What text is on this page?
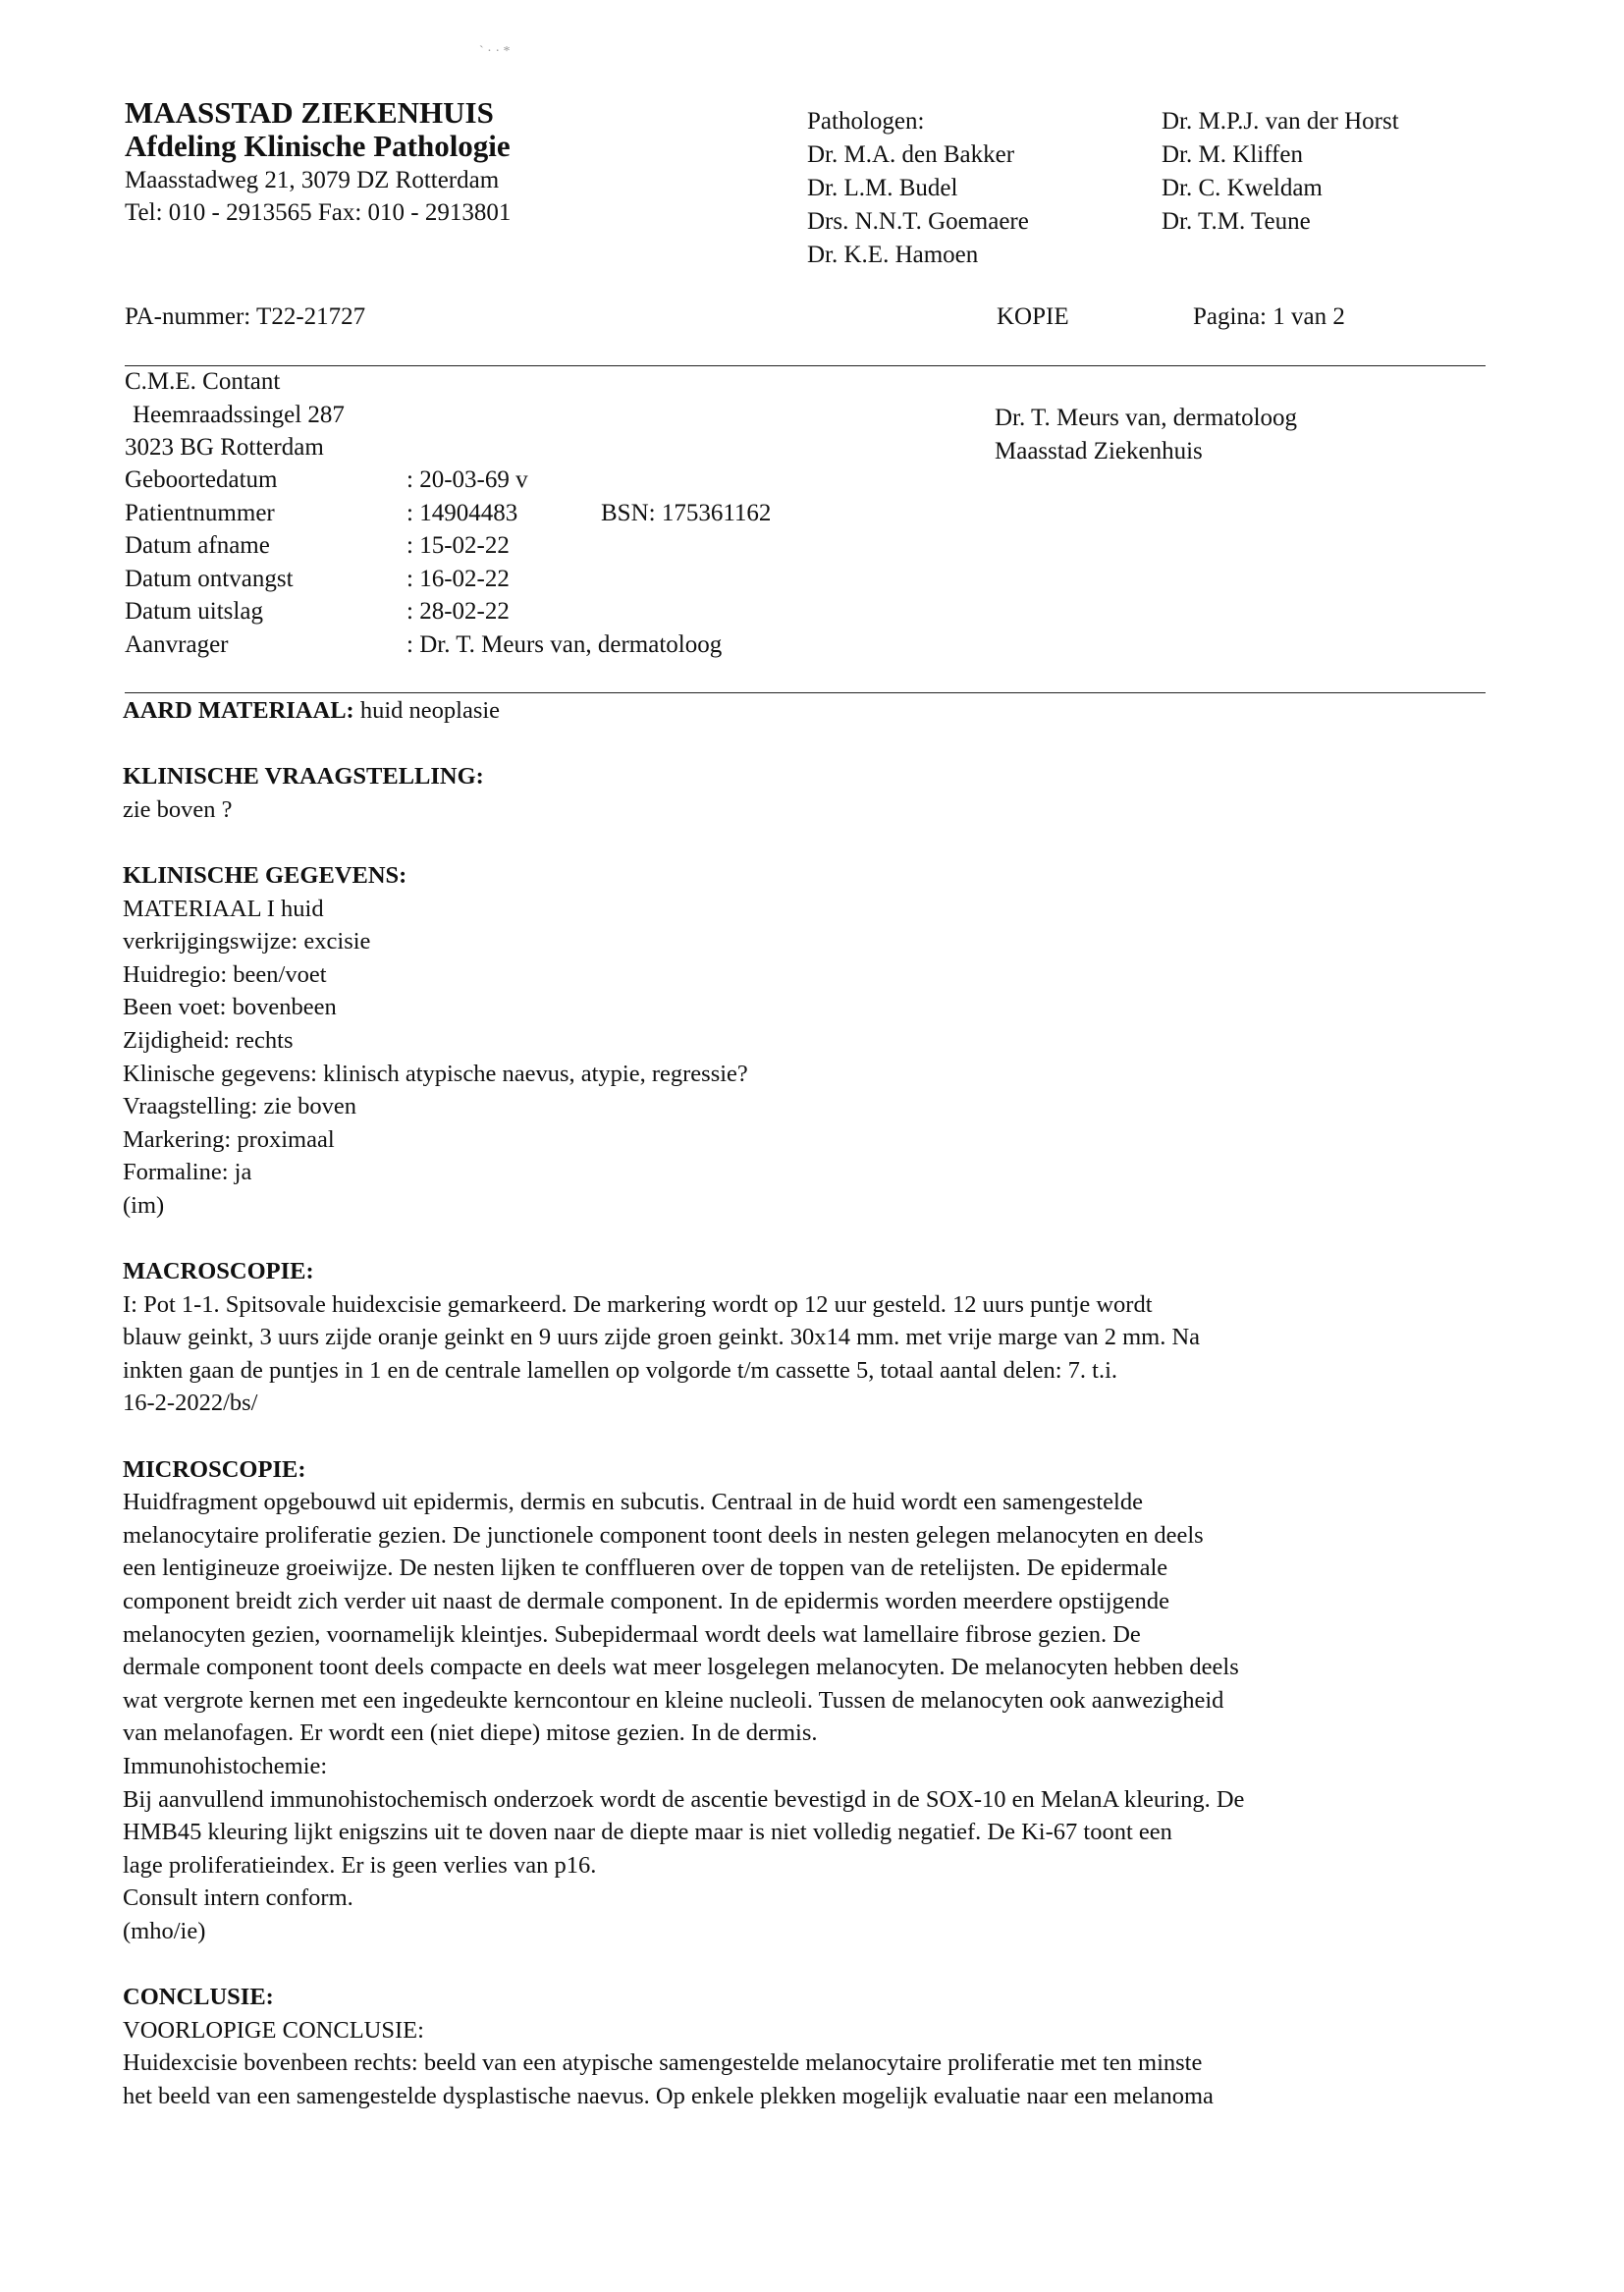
` · · *
MAASSTAD ZIEKENHUIS
Afdeling Klinische Pathologie
Maasstadweg 21, 3079 DZ Rotterdam
Tel: 010 - 2913565 Fax: 010 - 2913801
Pathologen:
Dr. M.A. den Bakker
Dr. L.M. Budel
Drs. N.N.T. Goemaere
Dr. K.E. Hamoen
Dr. M.P.J. van der Horst
Dr. M. Kliffen
Dr. C. Kweldam
Dr. T.M. Teune
PA-nummer: T22-21727	KOPIE	Pagina: 1 van 2
C.M.E. Contant
Heemraadssingel 287
3023 BG Rotterdam
Geboortedatum
Patientnummer
Datum afname
Datum ontvangst
Datum uitslag
Aanvrager
: 20-03-69 v
: 14904483
: 15-02-22
: 16-02-22
: 28-02-22
: Dr. T. Meurs van, dermatoloog
BSN: 175361162
Dr. T. Meurs van, dermatoloog
Maasstad Ziekenhuis
AARD MATERIAAL: huid neoplasie

KLINISCHE VRAAGSTELLING:
zie boven ?

KLINISCHE GEGEVENS:
MATERIAAL I huid
verkrijgingswijze: excisie
Huidregio: been/voet
Been voet: bovenbeen
Zijdigheid: rechts
Klinische gegevens: klinisch atypische naevus, atypie, regressie?
Vraagstelling: zie boven
Markering: proximaal
Formaline: ja
(im)

MACROSCOPIE:
I: Pot 1-1. Spitsovale huidexcisie gemarkeerd. De markering wordt op 12 uur gesteld. 12 uurs puntje wordt
blauw geinkt, 3 uurs zijde oranje geinkt en 9 uurs zijde groen geinkt. 30x14 mm. met vrije marge van 2 mm. Na
inkten gaan de puntjes in 1 en de centrale lamellen op volgorde t/m cassette 5, totaal aantal delen: 7. t.i.
16-2-2022/bs/

MICROSCOPIE:
Huidfragment opgebouwd uit epidermis, dermis en subcutis. Centraal in de huid wordt een samengestelde
melanocytaire proliferatie gezien. De junctionele component toont deels in nesten gelegen melanocyten en deels
een lentigineuze groeiwijze. De nesten lijken te confflueren over de toppen van de retelijsten. De epidermale
component breidt zich verder uit naast de dermale component. In de epidermis worden meerdere opstijgende
melanocyten gezien, voornamelijk kleintjes. Subepidermaal wordt deels wat lamellaire fibrose gezien. De
dermale component toont deels compacte en deels wat meer losgelegen melanocyten. De melanocyten hebben deels
wat vergrote kernen met een ingedeukte kerncontour en kleine nucleoli. Tussen de melanocyten ook aanwezigheid
van melanofagen. Er wordt een (niet diepe) mitose gezien. In de dermis.
Immunohistochemie:
Bij aanvullend immunohistochemisch onderzoek wordt de ascentie bevestigd in de SOX-10 en MelanA kleuring. De
HMB45 kleuring lijkt enigszins uit te doven naar de diepte maar is niet volledig negatief. De Ki-67 toont een
lage proliferatieindex. Er is geen verlies van p16.
Consult intern conform.
(mho/ie)

CONCLUSIE:
VOORLOPIGE CONCLUSIE:
Huidexcisie bovenbeen rechts: beeld van een atypische samengestelde melanocytaire proliferatie met ten minste
het beeld van een samengestelde dysplastische naevus. Op enkele plekken mogelijk evaluatie naar een melanoma
